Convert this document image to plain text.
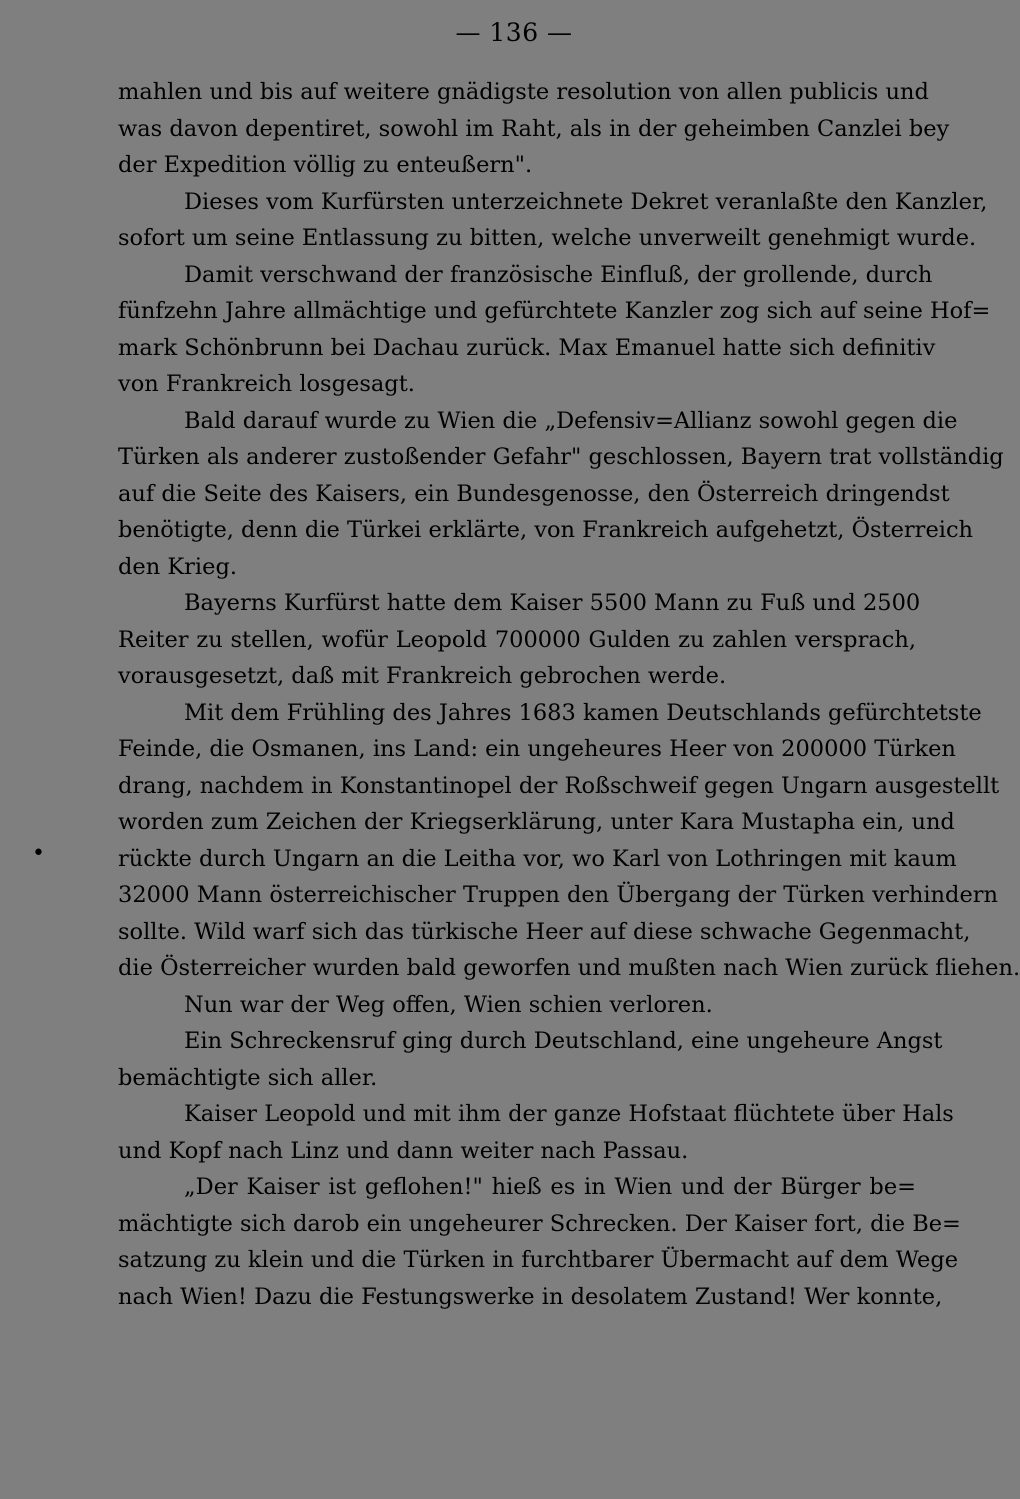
— 136 —
•
mahlen und bis auf weitere gnädigste resolution von allen publicis und
was davon depentiret, sowohl im Raht, als in der geheimben Canzlei bey
der Expedition völlig zu enteußern".
Dieses vom Kurfürsten unterzeichnete Dekret veranlaßte den Kanzler,
sofort um seine Entlassung zu bitten, welche unverweilt genehmigt wurde.
Damit verschwand der französische Einfluß, der grollende, durch
fünfzehn Jahre allmächtige und gefürchtete Kanzler zog sich auf seine Hof=
mark Schönbrunn bei Dachau zurück. Max Emanuel hatte sich definitiv
von Frankreich losgesagt.
Bald darauf wurde zu Wien die „Defensiv=Allianz sowohl gegen die
Türken als anderer zustoßender Gefahr" geschlossen, Bayern trat vollständig
auf die Seite des Kaisers, ein Bundesgenosse, den Österreich dringendst
benötigte, denn die Türkei erklärte, von Frankreich aufgehetzt, Österreich
den Krieg.
Bayerns Kurfürst hatte dem Kaiser 5500 Mann zu Fuß und 2500
Reiter zu stellen, wofür Leopold 700000 Gulden zu zahlen versprach,
vorausgesetzt, daß mit Frankreich gebrochen werde.
Mit dem Frühling des Jahres 1683 kamen Deutschlands gefürchtetste
Feinde, die Osmanen, ins Land: ein ungeheures Heer von 200000 Türken
drang, nachdem in Konstantinopel der Roßschweif gegen Ungarn ausgestellt
worden zum Zeichen der Kriegserklärung, unter Kara Mustapha ein, und
rückte durch Ungarn an die Leitha vor, wo Karl von Lothringen mit kaum
32000 Mann österreichischer Truppen den Übergang der Türken verhindern
sollte. Wild warf sich das türkische Heer auf diese schwache Gegenmacht,
die Österreicher wurden bald geworfen und mußten nach Wien zurück fliehen.
Nun war der Weg offen, Wien schien verloren.
Ein Schreckensruf ging durch Deutschland, eine ungeheure Angst
bemächtigte sich aller.
Kaiser Leopold und mit ihm der ganze Hofstaat flüchtete über Hals
und Kopf nach Linz und dann weiter nach Passau.
„Der Kaiser ist geflohen!" hieß es in Wien und der Bürger be=
mächtigte sich darob ein ungeheurer Schrecken. Der Kaiser fort, die Be=
satzung zu klein und die Türken in furchtbarer Übermacht auf dem Wege
nach Wien! Dazu die Festungswerke in desolatem Zustand! Wer konnte,
